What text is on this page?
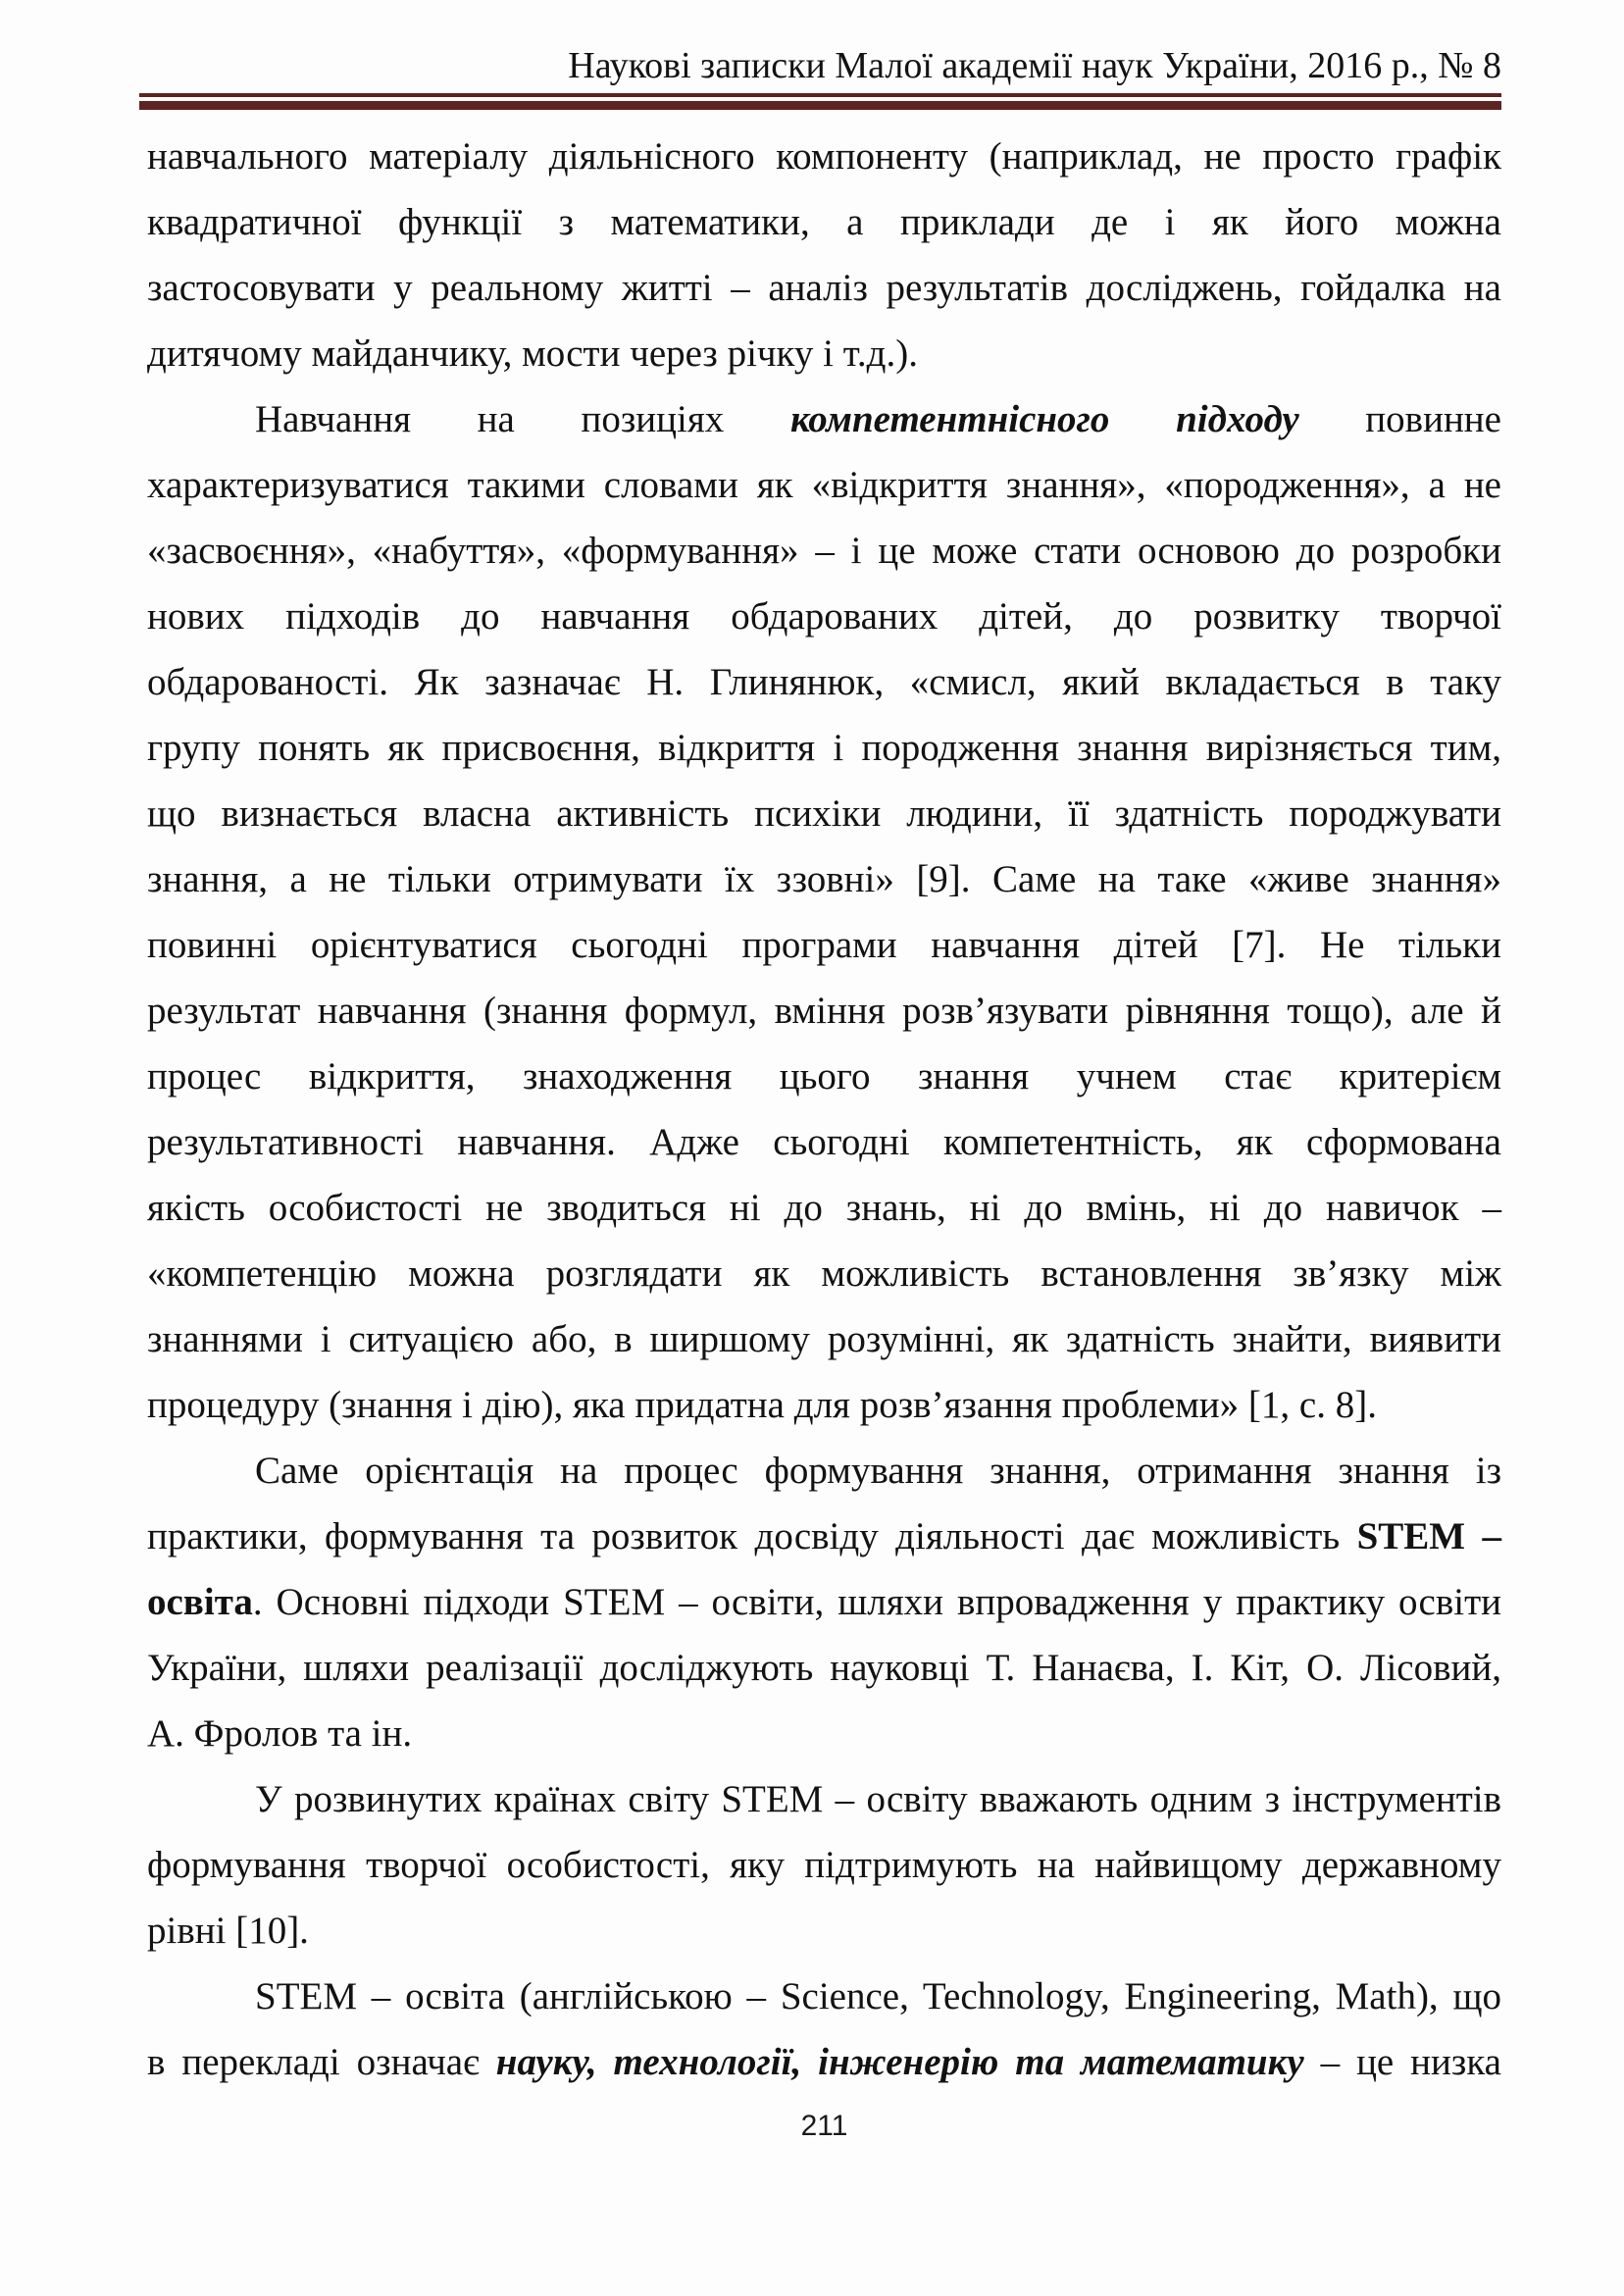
Наукові записки Малої академії наук України, 2016 р., № 8
навчального матеріалу діяльнісного компоненту (наприклад, не просто графік
квадратичної функції з математики, а приклади де і як його можна
застосовувати у реальному житті – аналіз результатів досліджень, гойдалка на
дитячому майданчику, мости через річку і т.д.).
Навчання на позиціях компетентнісного підходу повинне
характеризуватися такими словами як «відкриття знання», «породження», а не
«засвоєння», «набуття», «формування» – і це може стати основою до розробки
нових підходів до навчання обдарованих дітей, до розвитку творчої
обдарованості. Як зазначає Н. Глинянюк, «смисл, який вкладається в таку
групу понять як присвоєння, відкриття і породження знання вирізняється тим,
що визнається власна активність психіки людини, її здатність породжувати
знання, а не тільки отримувати їх ззовні» [9]. Саме на таке «живе знання»
повинні орієнтуватися сьогодні програми навчання дітей [7]. Не тільки
результат навчання (знання формул, вміння розв’язувати рівняння тощо), але й
процес відкриття, знаходження цього знання учнем стає критерієм
результативності навчання. Адже сьогодні компетентність, як сформована
якість особистості не зводиться ні до знань, ні до вмінь, ні до навичок –
«компетенцію можна розглядати як можливість встановлення зв’язку між
знаннями і ситуацією або, в ширшому розумінні, як здатність знайти, виявити
процедуру (знання і дію), яка придатна для розв’язання проблеми» [1, с. 8].
Саме орієнтація на процес формування знання, отримання знання із
практики, формування та розвиток досвіду діяльності дає можливість STEM –
освіта. Основні підходи STEM – освіти, шляхи впровадження у практику освіти
України, шляхи реалізації досліджують науковці Т. Нанаєва, І. Кіт, О. Лісовий,
А. Фролов та ін.
У розвинутих країнах світу STEM – освіту вважають одним з інструментів
формування творчої особистості, яку підтримують на найвищому державному
рівні [10].
STEM – освіта (англійською – Science, Technology, Engineering, Math), що
в перекладі означає науку, технології, інженерію та математику – це низка
211
